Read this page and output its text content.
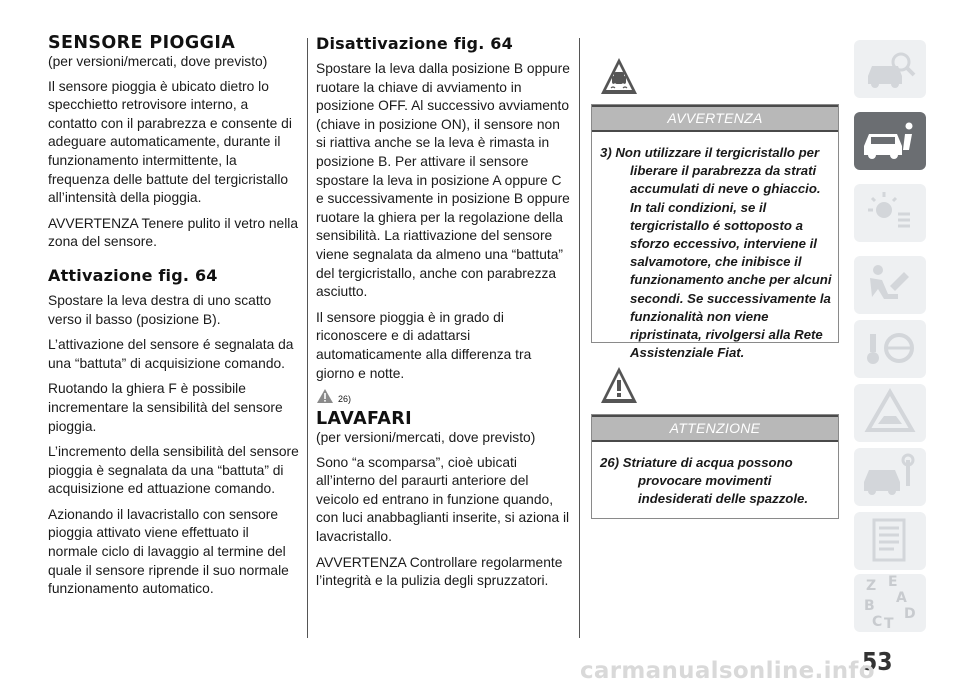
SENSORE PIOGGIA

(per versioni/mercati, dove previsto)

Il sensore pioggia è ubicato dietro lo specchietto retrovisore interno, a contatto con il parabrezza e consente di adeguare automaticamente, durante il funzionamento intermittente, la frequenza delle battute del tergicristallo all’intensità della pioggia.

AVVERTENZA Tenere pulito il vetro nella zona del sensore.

Attivazione fig. 64

Spostare la leva destra di uno scatto verso il basso (posizione B).

L’attivazione del sensore é segnalata da una “battuta” di acquisizione comando.

Ruotando la ghiera F è possibile incrementare la sensibilità del sensore pioggia.

L’incremento della sensibilità del sensore pioggia è segnalata da una “battuta” di acquisizione ed attuazione comando.

Azionando il lavacristallo con sensore pioggia attivato viene effettuato il normale ciclo di lavaggio al termine del quale il sensore riprende il suo normale funzionamento automatico.

Disattivazione fig. 64

Spostare la leva dalla posizione B oppure ruotare la chiave di avviamento in posizione OFF. Al successivo avviamento (chiave in posizione ON), il sensore non si riattiva anche se la leva è rimasta in posizione B. Per attivare il sensore spostare la leva in posizione A oppure C e successivamente in posizione B oppure ruotare la ghiera per la regolazione della sensibilità. La riattivazione del sensore viene segnalata da almeno una “battuta” del tergicristallo, anche con parabrezza asciutto.

Il sensore pioggia è in grado di riconoscere e di adattarsi automaticamente alla differenza tra giorno e notte.

26)
LAVAFARI

(per versioni/mercati, dove previsto)

Sono “a scomparsa”, cioè ubicati all’interno del paraurti anteriore del veicolo ed entrano in funzione quando, con luci anabbaglianti inserite, si aziona il lavacristallo.

AVVERTENZA Controllare regolarmente l’integrità e la pulizia degli spruzzatori.

AVVERTENZA

3) Non utilizzare il tergicristallo per liberare il parabrezza da strati accumulati di neve o ghiaccio. In tali condizioni, se il tergicristallo é sottoposto a sforzo eccessivo, interviene il salvamotore, che inibisce il funzionamento anche per alcuni secondi. Se successivamente la funzionalità non viene ripristinata, rivolgersi alla Rete Assistenziale Fiat.

ATTENZIONE

26) Striature di acqua possono provocare movimenti indesiderati delle spazzole.

Z E
A
B
C D
T
53
carmanualsonline.info
